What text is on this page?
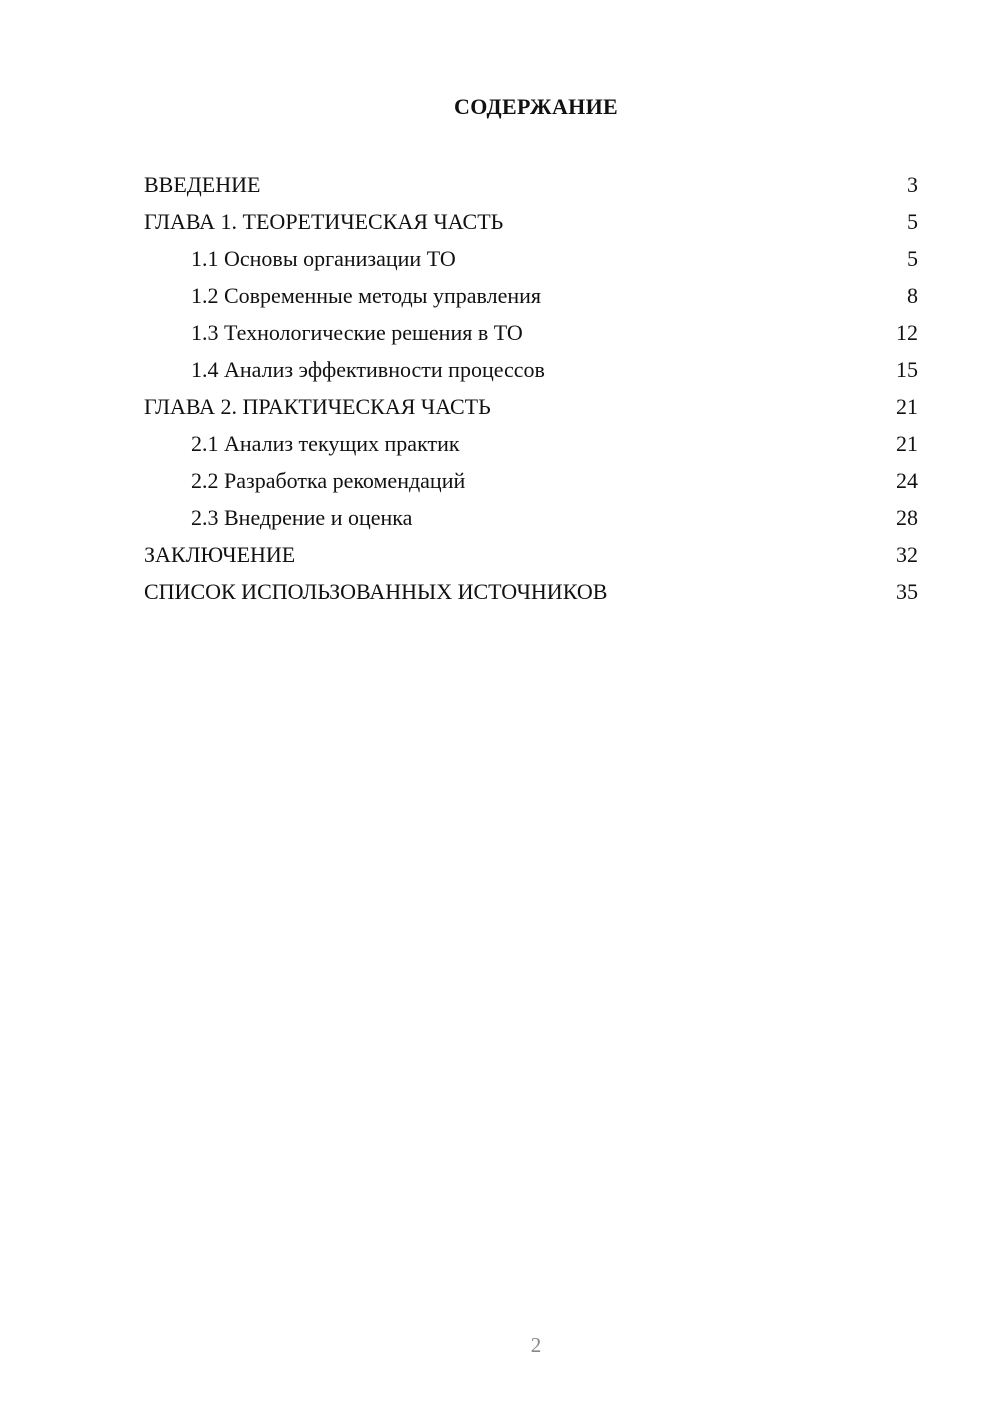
СОДЕРЖАНИЕ
ВВЕДЕНИЕ	3
ГЛАВА 1. ТЕОРЕТИЧЕСКАЯ ЧАСТЬ	5
1.1 Основы организации ТО	5
1.2 Современные методы управления	8
1.3 Технологические решения в ТО	12
1.4 Анализ эффективности процессов	15
ГЛАВА 2. ПРАКТИЧЕСКАЯ ЧАСТЬ	21
2.1 Анализ текущих практик	21
2.2 Разработка рекомендаций	24
2.3 Внедрение и оценка	28
ЗАКЛЮЧЕНИЕ	32
СПИСОК ИСПОЛЬЗОВАННЫХ ИСТОЧНИКОВ	35
2
